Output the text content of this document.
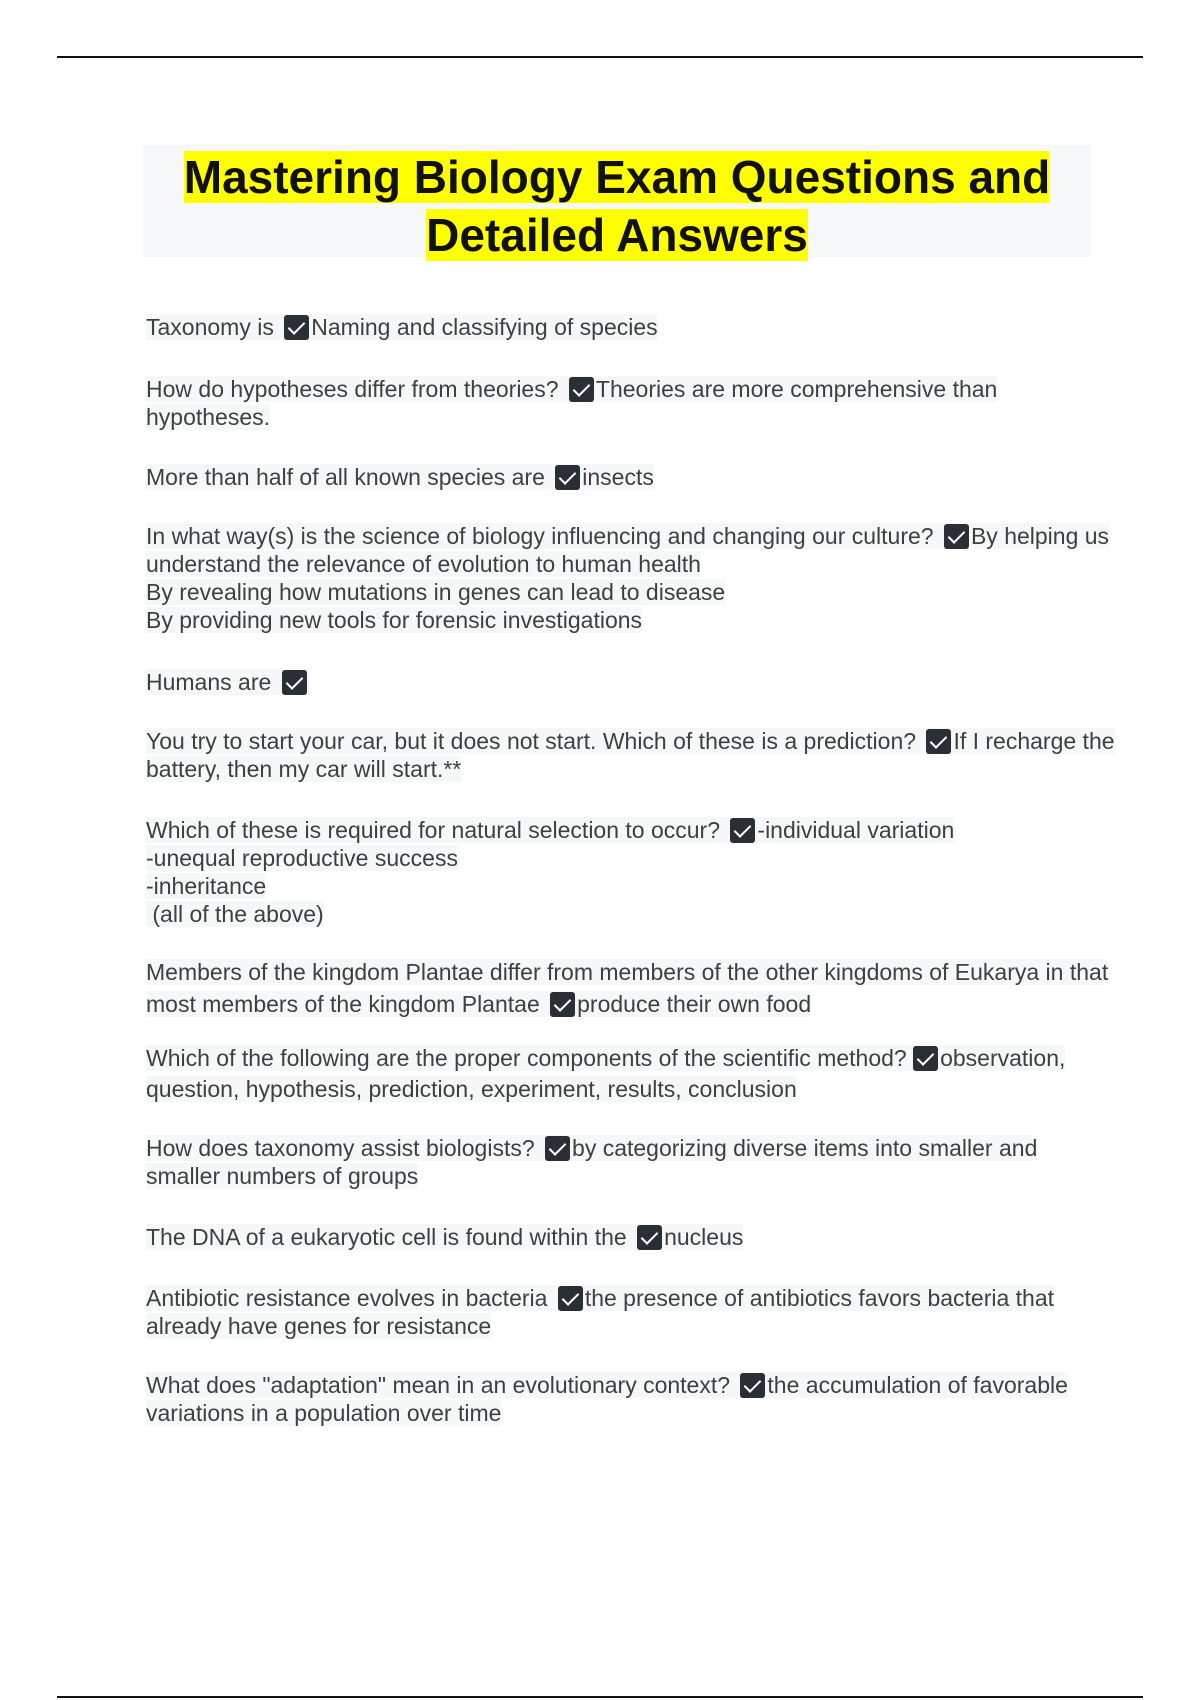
Mastering Biology Exam Questions and
Detailed Answers
Taxonomy is Naming and classifying of species
How do hypotheses differ from theories? Theories are more comprehensive than hypotheses.
More than half of all known species are insects
In what way(s) is the science of biology influencing and changing our culture? By helping us understand the relevance of evolution to human health
By revealing how mutations in genes can lead to disease
By providing new tools for forensic investigations
Humans are
You try to start your car, but it does not start. Which of these is a prediction? If I recharge the battery, then my car will start.**
Which of these is required for natural selection to occur? -individual variation
-unequal reproductive success
-inheritance
(all of the above)
Members of the kingdom Plantae differ from members of the other kingdoms of Eukarya in that most members of the kingdom Plantae produce their own food
Which of the following are the proper components of the scientific method? observation, question, hypothesis, prediction, experiment, results, conclusion
How does taxonomy assist biologists? by categorizing diverse items into smaller and smaller numbers of groups
The DNA of a eukaryotic cell is found within the nucleus
Antibiotic resistance evolves in bacteria the presence of antibiotics favors bacteria that already have genes for resistance
What does "adaptation" mean in an evolutionary context? the accumulation of favorable variations in a population over time
